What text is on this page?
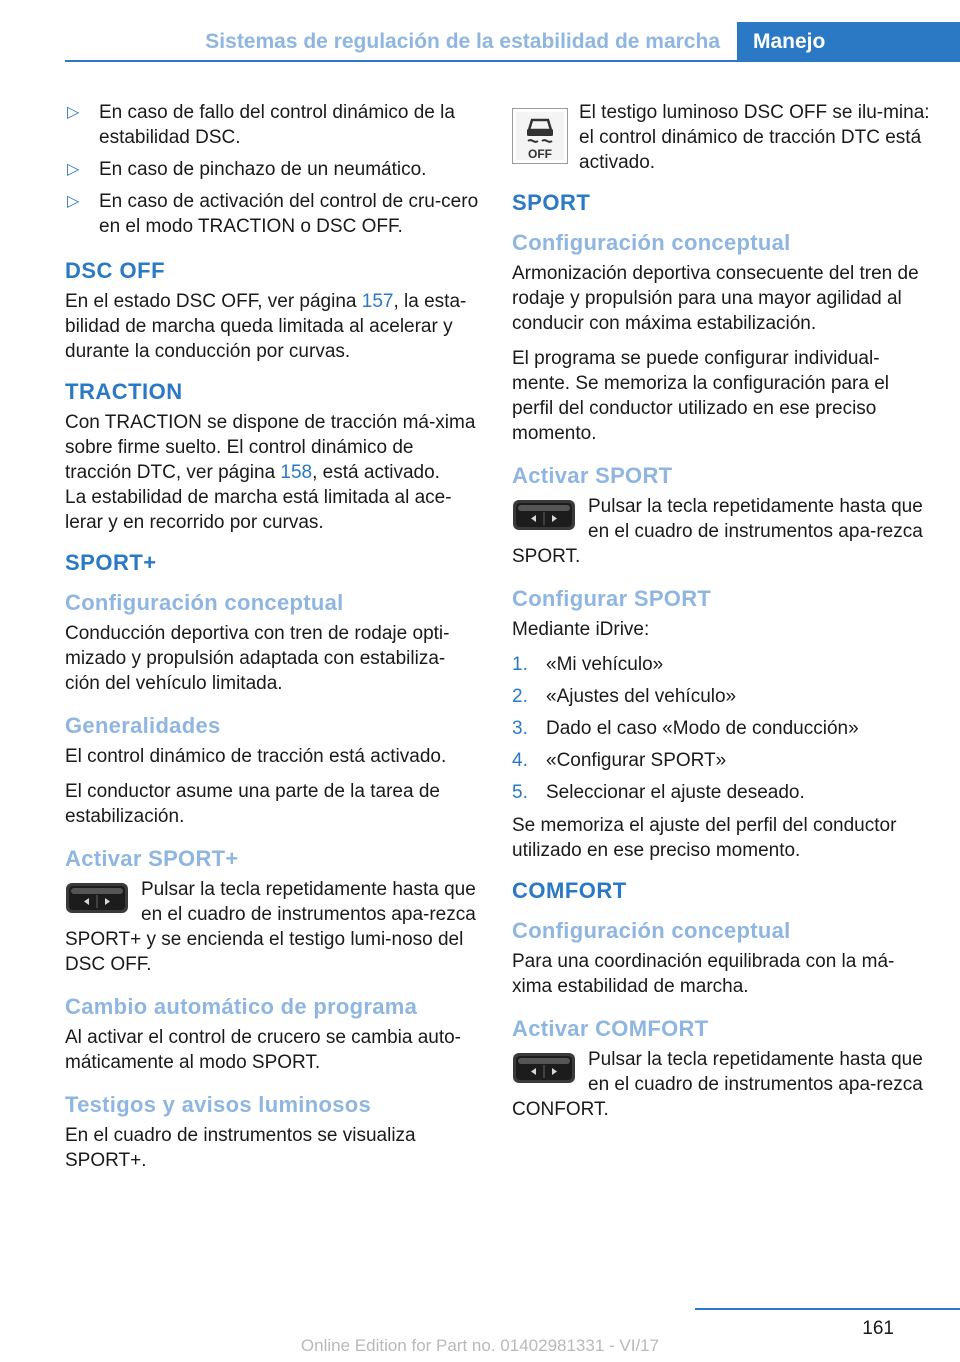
Sistemas de regulación de la estabilidad de marcha	Manejo
▷ En caso de fallo del control dinámico de la estabilidad DSC.
▷ En caso de pinchazo de un neumático.
▷ En caso de activación del control de cru‐cero en el modo TRACTION o DSC OFF.
DSC OFF

En el estado DSC OFF, ver página 157, la esta‐bilidad de marcha queda limitada al acelerar y durante la conducción por curvas.

TRACTION

Con TRACTION se dispone de tracción má‐xima sobre firme suelto. El control dinámico de tracción DTC, ver página 158, está activado.

La estabilidad de marcha está limitada al ace‐lerar y en recorrido por curvas.

SPORT+
Configuración conceptual

Conducción deportiva con tren de rodaje opti‐mizado y propulsión adaptada con estabiliza‐ción del vehículo limitada.

Generalidades

El control dinámico de tracción está activado.

El conductor asume una parte de la tarea de estabilización.

Activar SPORT+

Pulsar la tecla repetidamente hasta que en el cuadro de instrumentos apa‐rezca SPORT+ y se encienda el testigo lumi‐noso del DSC OFF.

Cambio automático de programa

Al activar el control de crucero se cambia auto‐máticamente al modo SPORT.

Testigos y avisos luminosos

En el cuadro de instrumentos se visualiza SPORT+.

OFF

El testigo luminoso DSC OFF se ilu‐mina: el control dinámico de tracción DTC está activado.

SPORT
Configuración conceptual

Armonización deportiva consecuente del tren de rodaje y propulsión para una mayor agilidad al conducir con máxima estabilización.

El programa se puede configurar individual‐mente. Se memoriza la configuración para el perfil del conductor utilizado en ese preciso momento.

Activar SPORT

Pulsar la tecla repetidamente hasta que en el cuadro de instrumentos apa‐rezca SPORT.

Configurar SPORT

Mediante iDrive:

1. «Mi vehículo»
2. «Ajustes del vehículo»
3. Dado el caso «Modo de conducción»
4. «Configurar SPORT»
5. Seleccionar el ajuste deseado.

Se memoriza el ajuste del perfil del conductor utilizado en ese preciso momento.

COMFORT
Configuración conceptual

Para una coordinación equilibrada con la má‐xima estabilidad de marcha.

Activar COMFORT

Pulsar la tecla repetidamente hasta que en el cuadro de instrumentos apa‐rezca CONFORT.

161
Online Edition for Part no. 01402981331 - VI/17
